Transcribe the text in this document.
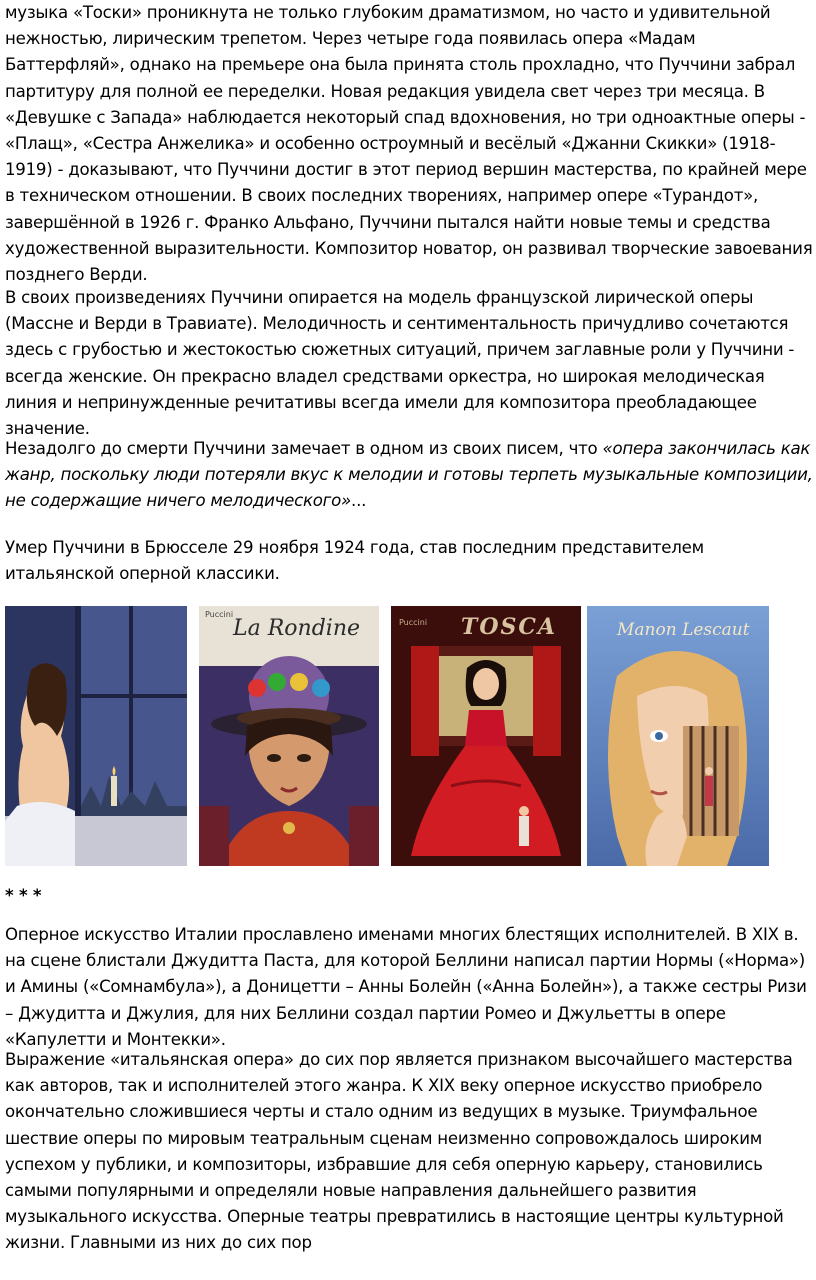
музыка «Тоски» проникнута не только глубоким драматизмом, но часто и удивительной нежностью, лирическим трепетом. Через четыре года появилась опера «Мадам Баттерфляй», однако на премьере она была принята столь прохладно, что Пуччини забрал партитуру для полной ее переделки. Новая редакция увидела свет через три месяца. В «Девушке с Запада» наблюдается некоторый спад вдохновения, но три одноактные оперы - «Плащ», «Сестра Анжелика» и особенно остроумный и весёлый «Джанни Скикки» (1918-1919) - доказывают, что Пуччини достиг в этот период вершин мастерства, по крайней мере в техническом отношении. В своих последних творениях, например опере «Турандот», завершённой в 1926 г. Франко Альфано, Пуччини пытался найти новые темы и средства художественной выразительности. Композитор новатор, он развивал творческие завоевания позднего Верди.

В своих произведениях Пуччини опирается на модель французской лирической оперы (Массне и Верди в Травиате). Мелодичность и сентиментальность причудливо сочетаются здесь с грубостью и жестокостью сюжетных ситуаций, причем заглавные роли у Пуччини - всегда женские. Он прекрасно владел средствами оркестра, но широкая мелодическая линия и непринужденные речитативы всегда имели для композитора преобладающее значение.

Незадолго до смерти Пуччини замечает в одном из своих писем, что «опера закончилась как жанр, поскольку люди потеряли вкус к мелодии и готовы терпеть музыкальные композиции, не содержащие ничего мелодического»...

Умер Пуччини в Брюсселе 29 ноября 1924 года, став последним представителем итальянской оперной классики.

La Rondine
Puccini	TOSCA
Puccini	Manon Lescaut

* * *

Оперное искусство Италии прославлено именами многих блестящих исполнителей. В XIX в. на сцене блистали Джудитта Паста, для которой Беллини написал партии Нормы («Норма») и Амины («Сомнамбула»), а Доницетти – Анны Болейн («Анна Болейн»), а также сестры Ризи – Джудитта и Джулия, для них Беллини создал партии Ромео и Джульетты в опере «Капулетти и Монтекки».

Выражение «итальянская опера» до сих пор является признаком высочайшего мастерства как авторов, так и исполнителей этого жанра. К XIX веку оперное искусство приобрело окончательно сложившиеся черты и стало одним из ведущих в музыке. Триумфальное шествие оперы по мировым театральным сценам неизменно сопровождалось широким успехом у публики, и композиторы, избравшие для себя оперную карьеру, становились самыми популярными и определяли новые направления дальнейшего развития музыкального искусства. Оперные театры превратились в настоящие центры культурной жизни. Главными из них до сих пор
